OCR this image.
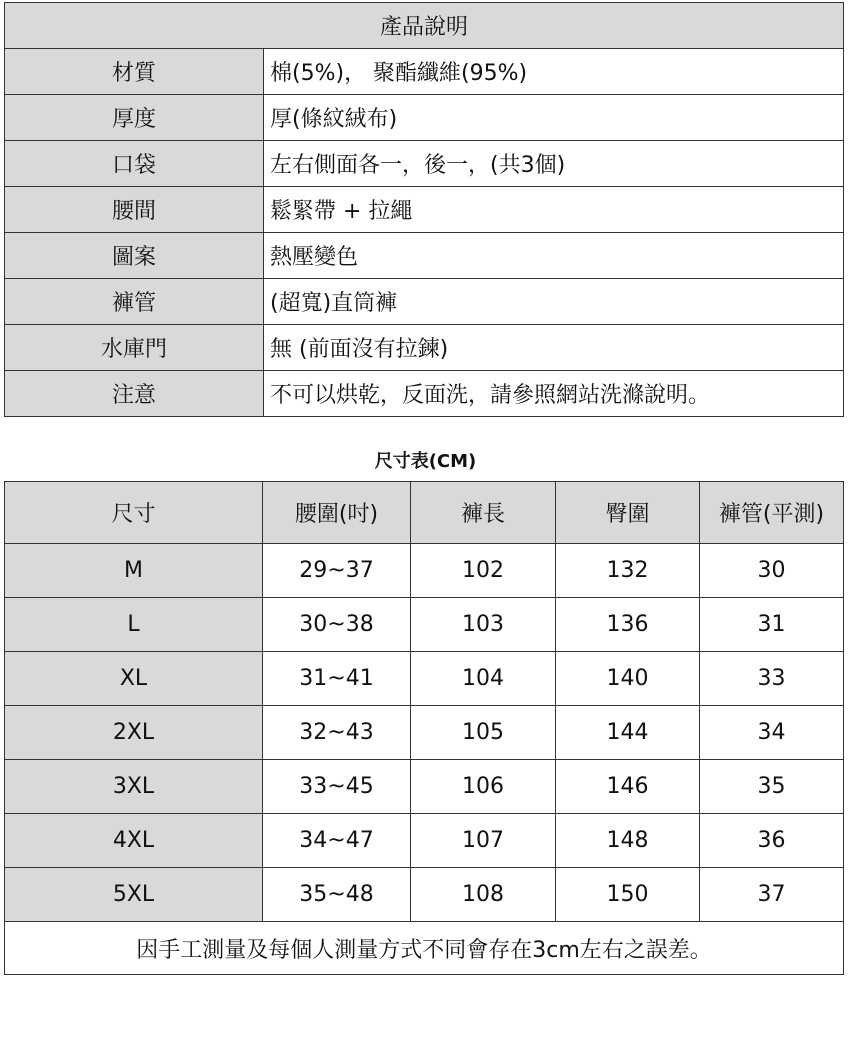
產品說明	
材質	棉(5%)， 聚酯纖維(95%)
厚度	厚(條紋絨布)
口袋	左右側面各一，後一，(共3個)
腰間	鬆緊帶 + 拉繩
圖案	熱壓變色
褲管	(超寬)直筒褲
水庫門	無 (前面沒有拉鍊)
注意	不可以烘乾，反面洗，請參照網站洗滌說明。
尺寸表(CM)
尺寸	腰圍(吋)	褲長	臀圍	褲管(平測)
M	29~37	102	132	30
L	30~38	103	136	31
XL	31~41	104	140	33
2XL	32~43	105	144	34
3XL	33~45	106	146	35
4XL	34~47	107	148	36
5XL	35~48	108	150	37
因手工測量及每個人測量方式不同會存在3cm左右之誤差。				
